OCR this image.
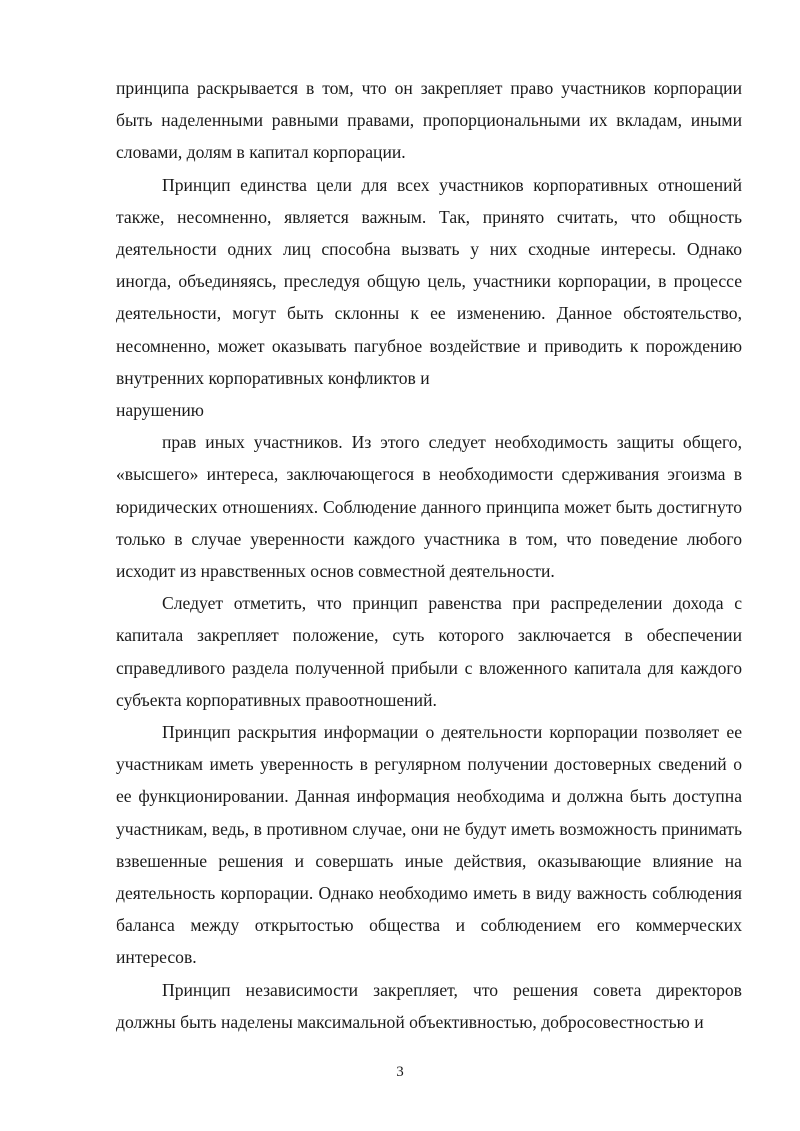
принципа раскрывается в том, что он закрепляет право участников корпорации быть наделенными равными правами, пропорциональными их вкладам, иными словами, долям в капитал корпорации.

Принцип единства цели для всех участников корпоративных отношений также, несомненно, является важным. Так, принято считать, что общность деятельности одних лиц способна вызвать у них сходные интересы. Однако иногда, объединяясь, преследуя общую цель, участники корпорации, в процессе деятельности, могут быть склонны к ее изменению. Данное обстоятельство, несомненно, может оказывать пагубное воздействие и приводить к порождению внутренних корпоративных конфликтов и

нарушению

прав иных участников. Из этого следует необходимость защиты общего, «высшего» интереса, заключающегося в необходимости сдерживания эгоизма в юридических отношениях. Соблюдение данного принципа может быть достигнуто только в случае уверенности каждого участника в том, что поведение любого исходит из нравственных основ совместной деятельности.

Следует отметить, что принцип равенства при распределении дохода с капитала закрепляет положение, суть которого заключается в обеспечении справедливого раздела полученной прибыли с вложенного капитала для каждого субъекта корпоративных правоотношений.

Принцип раскрытия информации о деятельности корпорации позволяет ее участникам иметь уверенность в регулярном получении достоверных сведений о ее функционировании. Данная информация необходима и должна быть доступна участникам, ведь, в противном случае, они не будут иметь возможность принимать взвешенные решения и совершать иные действия, оказывающие влияние на деятельность корпорации. Однако необходимо иметь в виду важность соблюдения баланса между открытостью общества и соблюдением его коммерческих интересов.

Принцип независимости закрепляет, что решения совета директоров должны быть наделены максимальной объективностью, добросовестностью и

3
